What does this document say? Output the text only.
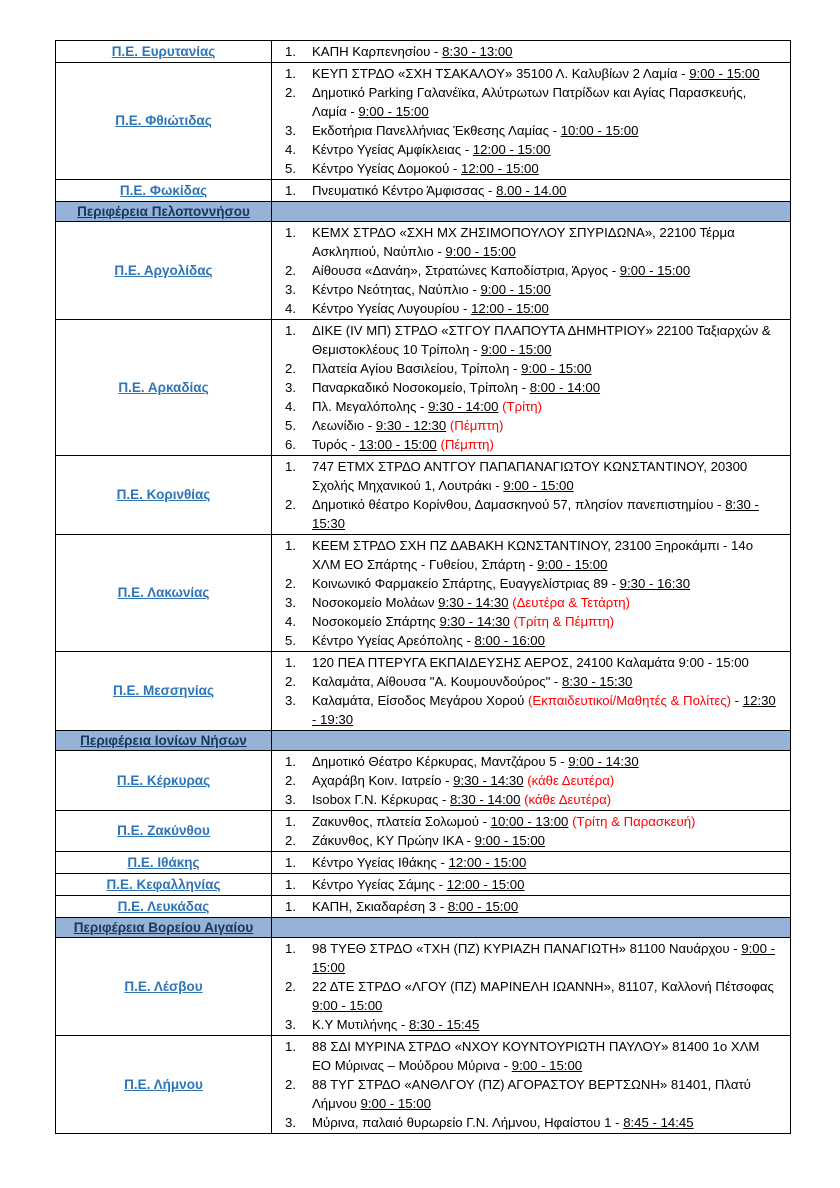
Π.Ε. Ευρυτανίας	1. ΚΑΠΗ Καρπενησίου - 8:30 - 13:00

Π.Ε. Φθιώτιδας	
1.	ΚΕΥΠ ΣΤΡΔΟ «ΣΧΗ ΤΣΑΚΑΛΟΥ» 35100 Λ. Καλυβίων 2 Λαμία - 9:00 - 15:00
2.	Δημοτικό Parking Γαλανέϊκα, Αλύτρωτων Πατρίδων και Αγίας Παρασκευής, Λαμία - 9:00 - 15:00
3.	Εκδοτήρια Πανελλήνιας Έκθεσης Λαμίας - 10:00 - 15:00
4.	Κέντρο Υγείας Αμφίκλειας - 12:00 - 15:00
5.	Κέντρο Υγείας Δομοκού - 12:00 - 15:00

Π.Ε. Φωκίδας	1. Πνευματικό Κέντρο Άμφισσας - 8.00 - 14.00

Περιφέρεια Πελοποννήσου	

Π.Ε. Αργολίδας	
1.	ΚΕΜΧ ΣΤΡΔΟ «ΣΧΗ ΜΧ ΖΗΣΙΜΟΠΟΥΛΟΥ ΣΠΥΡΙΔΩΝΑ», 22100 Τέρμα Ασκληπιού, Ναύπλιο - 9:00 - 15:00
2.	Αίθουσα «Δανάη», Στρατώνες Καποδίστρια, Άργος - 9:00 - 15:00
3.	Κέντρο Νεότητας, Ναύπλιο - 9:00 - 15:00
4.	Κέντρο Υγείας Λυγουρίου - 12:00 - 15:00

Π.Ε. Αρκαδίας	
1.	ΔΙΚΕ (ΙV ΜΠ) ΣΤΡΔΟ «ΣΤΓΟΥ ΠΛΑΠΟΥΤΑ ΔΗΜΗΤΡΙΟΥ» 22100 Ταξιαρχών & Θεμιστοκλέους 10 Τρίπολη - 9:00 - 15:00
2.	Πλατεία Αγίου Βασιλείου, Τρίπολη - 9:00 - 15:00
3.	Παναρκαδικό Νοσοκομείο, Τρίπολη - 8:00 - 14:00
4.	Πλ. Μεγαλόπολης - 9:30 - 14:00 (Τρίτη)
5.	Λεωνίδιο - 9:30 - 12:30 (Πέμπτη)
6.	Τυρός - 13:00 - 15:00 (Πέμπτη)

Π.Ε. Κορινθίας	1. 747 ΕΤΜΧ ΣΤΡΔΟ ΑΝΤΓΟΥ ΠΑΠΑΠΑΝΑΓΙΩΤΟΥ ΚΩΝΣΤΑΝΤΙΝΟΥ, 20300 Σχολής Μηχανικού 1, Λουτράκι - 9:00 - 15:00
2. Δημοτικό θέατρο Κορίνθου, Δαμασκηνού 57, πλησίον πανεπιστημίου - 8:30 - 15:30

Π.Ε. Λακωνίας	
1.	ΚΕΕΜ ΣΤΡΔΟ ΣΧΗ ΠΖ ΔΑΒΑΚΗ ΚΩΝΣΤΑΝΤΙΝΟΥ, 23100 Ξηροκάμπι - 14ο ΧΛΜ ΕΟ Σπάρτης - Γυθείου, Σπάρτη - 9:00 - 15:00
2.	Κοινωνικό Φαρμακείο Σπάρτης, Ευαγγελίστριας 89 - 9:30 - 16:30
3.	Νοσοκομείο Μολάων 9:30 - 14:30 (Δευτέρα & Τετάρτη)
4.	Νοσοκομείο Σπάρτης 9:30 - 14:30 (Τρίτη & Πέμπτη)
5.	Κέντρο Υγείας Αρεόπολης - 8:00 - 16:00

Π.Ε. Μεσσηνίας	
1.	120 ΠΕΑ ΠΤΕΡΥΓΑ ΕΚΠΑΙΔΕΥΣΗΣ ΑΕΡΟΣ, 24100 Καλαμάτα 9:00 - 15:00
2.	Καλαμάτα, Αίθουσα "Α. Κουμουνδούρος" - 8:30 - 15:30
3.	Καλαμάτα, Είσοδος Μεγάρου Χορού (Εκπαιδευτικοί/Μαθητές & Πολίτες) - 12:30 - 19:30

Περιφέρεια Ιονίων Νήσων	

Π.Ε. Κέρκυρας	
1.	Δημοτικό Θέατρο Κέρκυρας, Μαντζάρου 5 - 9:00 - 14:30
2.	Αχαράβη Κοιν. Ιατρείο - 9:30 - 14:30 (κάθε Δευτέρα)
3.	Isobox Γ.Ν. Κέρκυρας - 8:30 - 14:00 (κάθε Δευτέρα)

Π.Ε. Ζακύνθου	1. Ζακυνθος, πλατεία Σολωμού - 10:00 - 13:00 (Τρίτη & Παρασκευή)
2. Ζάκυνθος, ΚΥ Πρώην ΙΚΑ - 9:00 - 15:00

Π.Ε. Ιθάκης	1. Κέντρο Υγείας Ιθάκης - 12:00 - 15:00

Π.Ε. Κεφαλληνίας	1. Κέντρο Υγείας Σάμης - 12:00 - 15:00

Π.Ε. Λευκάδας	1. ΚΑΠΗ, Σκιαδαρέση 3 - 8:00 - 15:00

Περιφέρεια Βορείου Αιγαίου	

Π.Ε. Λέσβου	
1.	98 ΤΥΕΘ ΣΤΡΔΟ «ΤΧΗ (ΠΖ) ΚΥΡΙΑΖΗ ΠΑΝΑΓΙΩΤΗ» 81100 Ναυάρχου - 9:00 - 15:00
2.	22 ΔΤΕ ΣΤΡΔΟ «ΛΓΟΥ (ΠΖ) ΜΑΡΙΝΕΛΗ ΙΩΑΝΝΗ», 81107, Καλλονή Πέτσοφας 9:00 - 15:00
3.	Κ.Υ Μυτιλήνης - 8:30 - 15:45

Π.Ε. Λήμνου	
1.	88 ΣΔΙ ΜΥΡΙΝΑ ΣΤΡΔΟ «ΝΧΟΥ ΚΟΥΝΤΟΥΡΙΩΤΗ ΠΑΥΛΟΥ» 81400 1ο ΧΛΜ ΕΟ Μύρινας – Μούδρου Μύρινα - 9:00 - 15:00
2.	88 ΤΥΓ ΣΤΡΔΟ «ΑΝΘΛΓΟΥ (ΠΖ) ΑΓΟΡΑΣΤΟΥ ΒΕΡΤΣΩΝΗ» 81401, Πλατύ Λήμνου 9:00 - 15:00
3.	Μύρινα, παλαιό θυρωρείο Γ.Ν. Λήμνου, Ηφαίστου 1 - 8:45 - 14:45
